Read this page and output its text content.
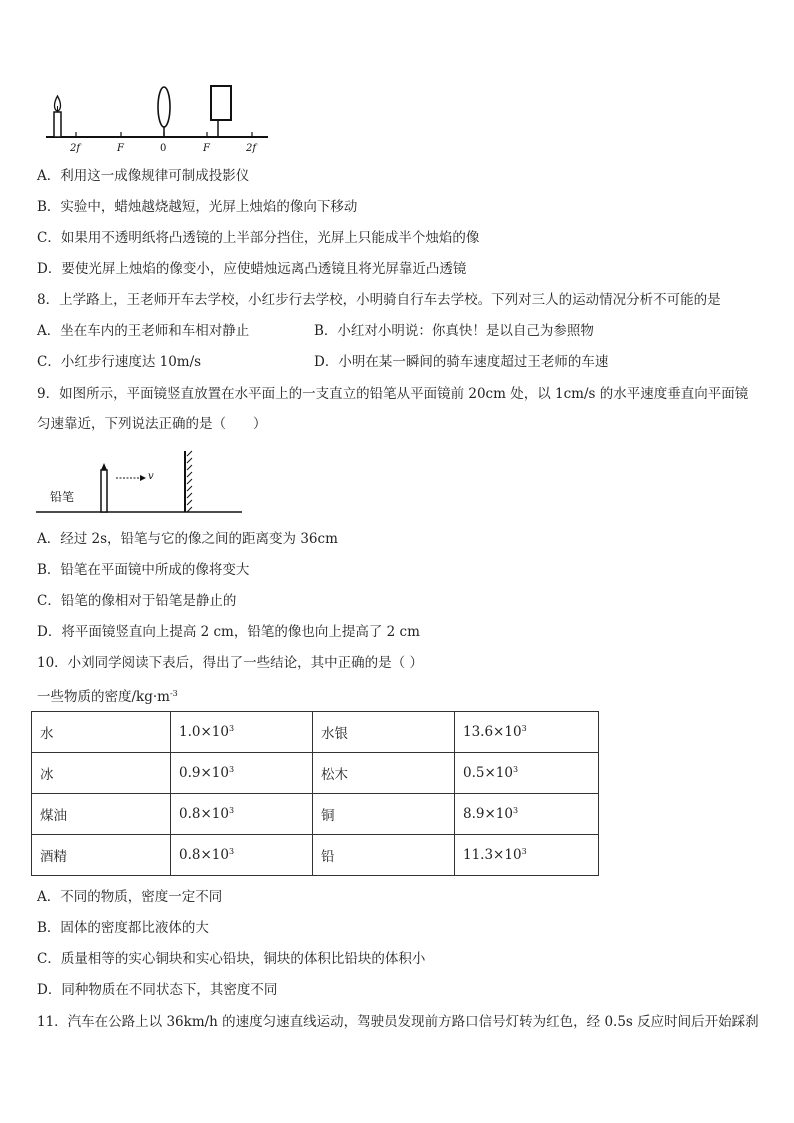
2f	F	0	F	2f
A．利用这一成像规律可制成投影仪
B．实验中，蜡烛越烧越短，光屏上烛焰的像向下移动
C．如果用不透明纸将凸透镜的上半部分挡住，光屏上只能成半个烛焰的像
D．要使光屏上烛焰的像变小，应使蜡烛远离凸透镜且将光屏靠近凸透镜
8．上学路上，王老师开车去学校，小红步行去学校，小明骑自行车去学校。下列对三人的运动情况分析不可能的是
A．坐在车内的王老师和车相对静止	B．小红对小明说：你真快！是以自己为参照物
C．小红步行速度达 10m/s	D．小明在某一瞬间的骑车速度超过王老师的车速
9．如图所示，平面镜竖直放置在水平面上的一支直立的铅笔从平面镜前 20cm 处，以 1cm/s 的水平速度垂直向平面镜
匀速靠近，下列说法正确的是（　　）
v
铅笔
A．经过 2s，铅笔与它的像之间的距离变为 36cm
B．铅笔在平面镜中所成的像将变大
C．铅笔的像相对于铅笔是静止的
D．将平面镜竖直向上提高 2 cm，铅笔的像也向上提高了 2 cm
10．小刘同学阅读下表后，得出了一些结论，其中正确的是（ ）
一些物质的密度$/kg\cdot m^{-3}$
水	$1.0\times 10^3$	水银	$13.6\times 10^3$
冰	$0.9\times 10^3$	松木	$0.5\times 10^3$
煤油	$0.8\times 10^3$	铜	$8.9\times 10^3$
酒精	$0.8\times 10^3$	铅	$11.3\times 10^3$
A．不同的物质，密度一定不同
B．固体的密度都比液体的大
C．质量相等的实心铜块和实心铅块，铜块的体积比铅块的体积小
D．同种物质在不同状态下，其密度不同
11．汽车在公路上以 36km/h 的速度匀速直线运动，驾驶员发现前方路口信号灯转为红色，经 0.5s 反应时间后开始踩刹
